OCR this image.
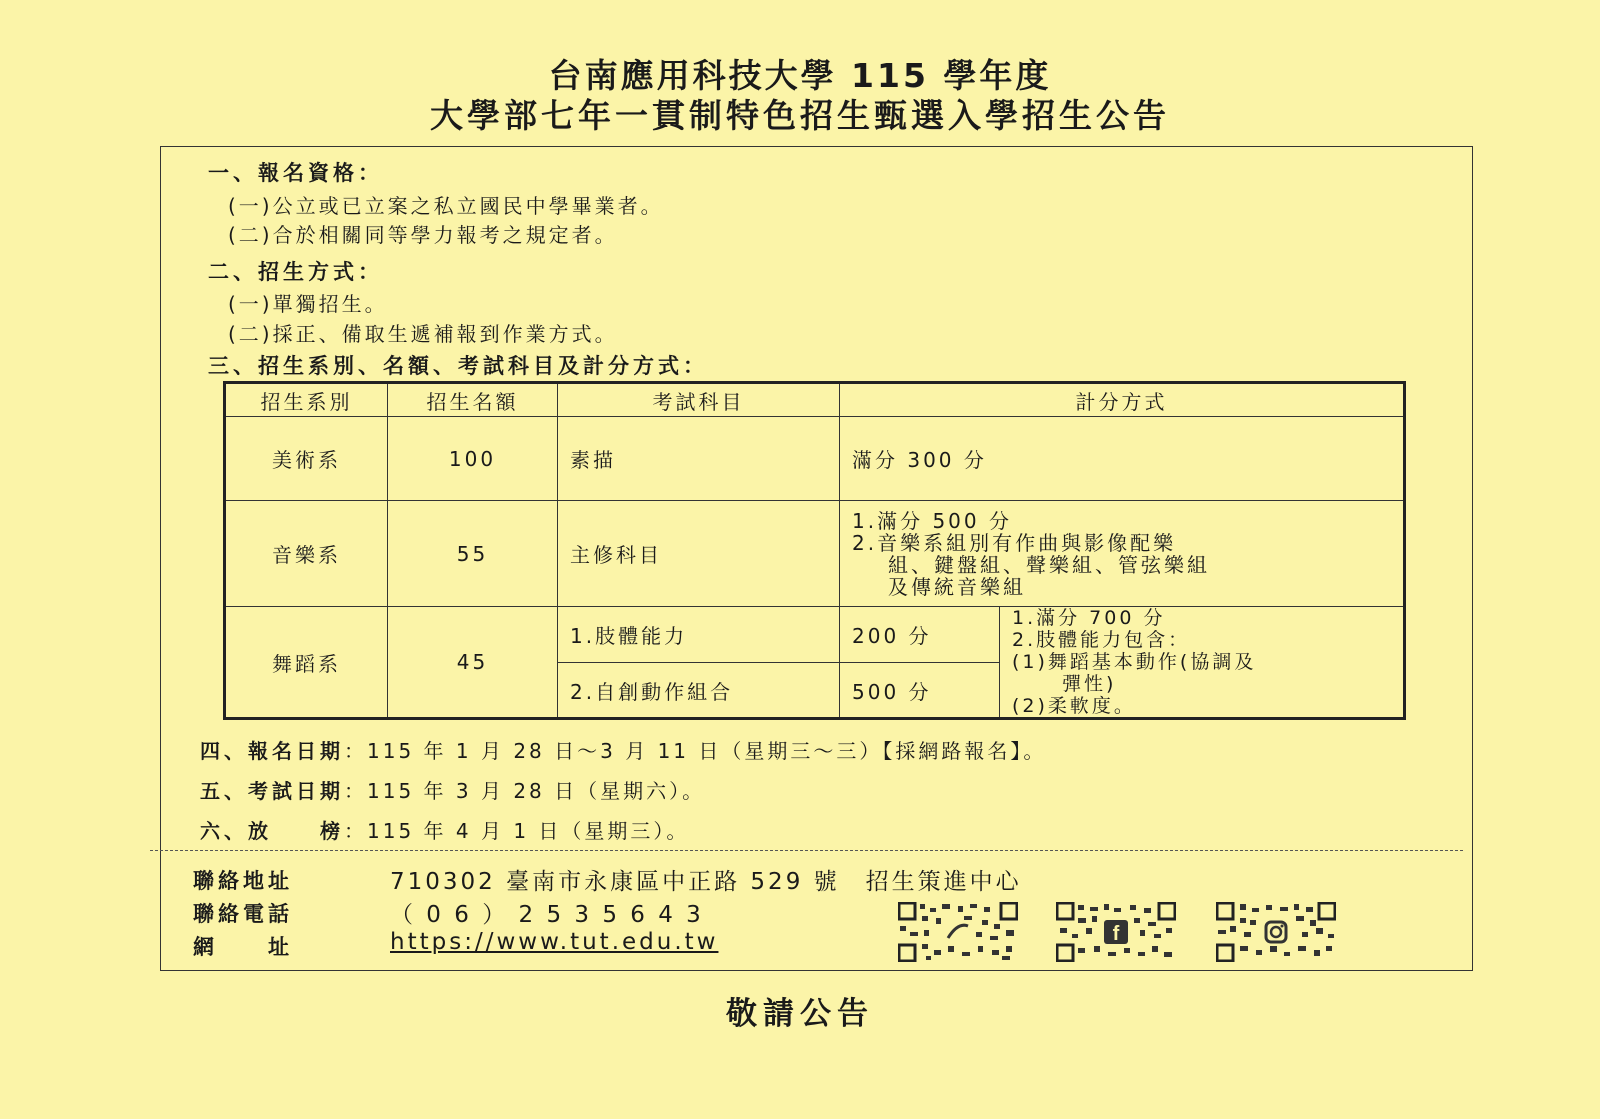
台南應用科技大學 115 學年度
大學部七年一貫制特色招生甄選入學招生公告
一、報名資格：
(一)公立或已立案之私立國民中學畢業者。
(二)合於相關同等學力報考之規定者。
二、招生方式：
(一)單獨招生。
(二)採正、備取生遞補報到作業方式。
三、招生系別、名額、考試科目及計分方式：
招生系別	招生名額	考試科目	計分方式	
美術系	100	素描	滿分 300 分	
音樂系	55	主修科目	1.滿分 500 分
2.音樂系組別有作曲與影像配樂
組、鍵盤組、聲樂組、管弦樂組
及傳統音樂組	

舞蹈系	45	1.肢體能力	200 分	1.滿分 700 分
2.肢體能力包含：
(1)舞蹈基本動作(協調及
彈性)
(2)柔軟度。

		2.自創動作組合	500 分	
四、報名日期：115 年 1 月 28 日～3 月 11 日（星期三～三）【採網路報名】。
五、考試日期：115 年 3 月 28 日（星期六）。
六、放　　榜：115 年 4 月 1 日（星期三）。
聯絡地址	710302 臺南市永康區中正路 529 號　招生策進中心
聯絡電話	（ 0 6 ） 2 5 3 5 6 4 3
網　　址	https://www.tut.edu.tw	f
敬請公告
